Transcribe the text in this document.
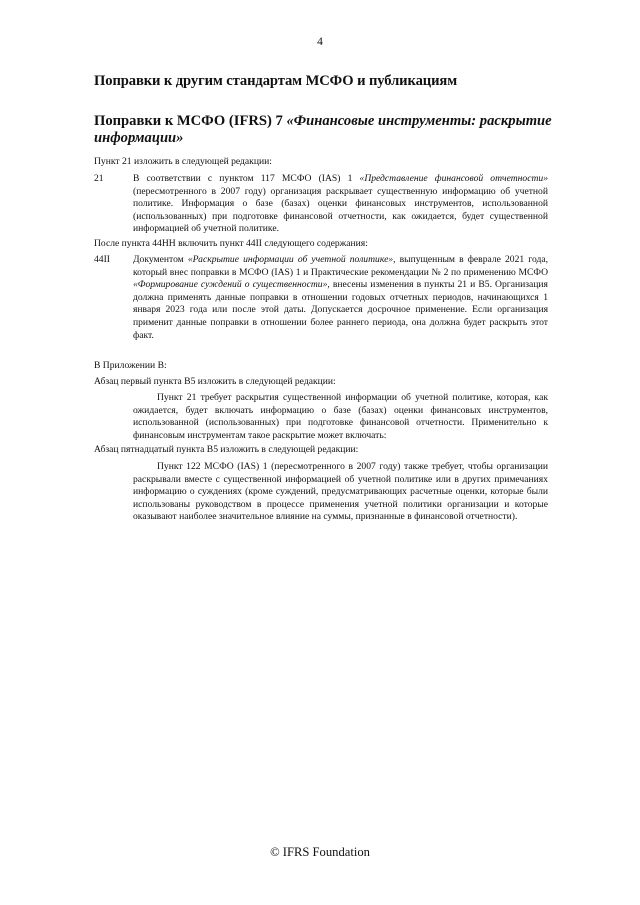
4
Поправки к другим стандартам МСФО и публикациям
Поправки к МСФО (IFRS) 7 «Финансовые инструменты: раскрытие информации»
Пункт 21 изложить в следующей редакции:
21	В соответствии с пунктом 117 МСФО (IAS) 1 «Представление финансовой отчетности» (пересмотренного в 2007 году) организация раскрывает существенную информацию об учетной политике. Информация о базе (базах) оценки финансовых инструментов, использованной (использованных) при подготовке финансовой отчетности, как ожидается, будет существенной информацией об учетной политике.
После пункта 44НН включить пункт 44ІІ следующего содержания:
44ІІ	Документом «Раскрытие информации об учетной политике», выпущенным в феврале 2021 года, который внес поправки в МСФО (IAS) 1 и Практические рекомендации № 2 по применению МСФО «Формирование суждений о существенности», внесены изменения в пункты 21 и В5. Организация должна применять данные поправки в отношении годовых отчетных периодов, начинающихся 1 января 2023 года или после этой даты. Допускается досрочное применение. Если организация применит данные поправки в отношении более раннего периода, она должна будет раскрыть этот факт.
В Приложении В:
Абзац первый пункта В5 изложить в следующей редакции:
Пункт 21 требует раскрытия существенной информации об учетной политике, которая, как ожидается, будет включать информацию о базе (базах) оценки финансовых инструментов, использованной (использованных) при подготовке финансовой отчетности. Применительно к финансовым инструментам такое раскрытие может включать:
Абзац пятнадцатый пункта В5 изложить в следующей редакции:
Пункт 122 МСФО (IAS) 1 (пересмотренного в 2007 году) также требует, чтобы организации раскрывали вместе с существенной информацией об учетной политике или в других примечаниях информацию о суждениях (кроме суждений, предусматривающих расчетные оценки, которые были использованы руководством в процессе применения учетной политики организации и которые оказывают наиболее значительное влияние на суммы, признанные в финансовой отчетности).
© IFRS Foundation
